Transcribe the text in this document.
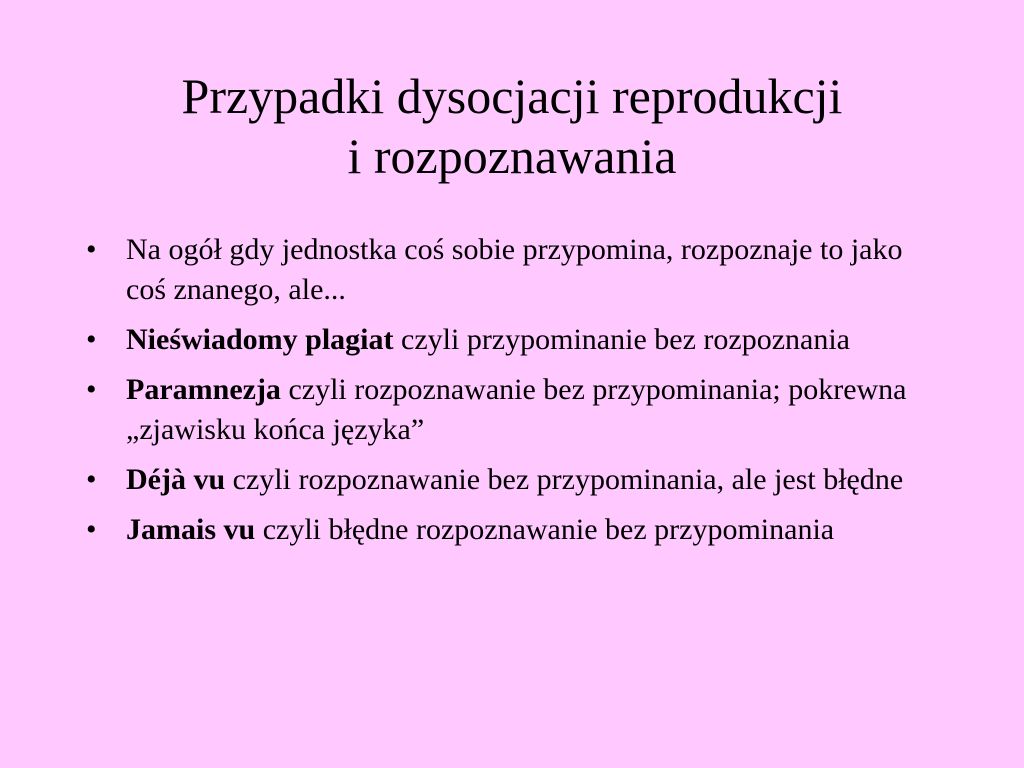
Przypadki dysocjacji reprodukcji
i rozpoznawania
• Na ogół gdy jednostka coś sobie przypomina, rozpoznaje to jako coś znanego, ale...
• Nieświadomy plagiat czyli przypominanie bez rozpoznania
• Paramnezja czyli rozpoznawanie bez przypominania; pokrewna „zjawisku końca języka”
• Déjà vu czyli rozpoznawanie bez przypominania, ale jest błędne
• Jamais vu czyli błędne rozpoznawanie bez przypominania
